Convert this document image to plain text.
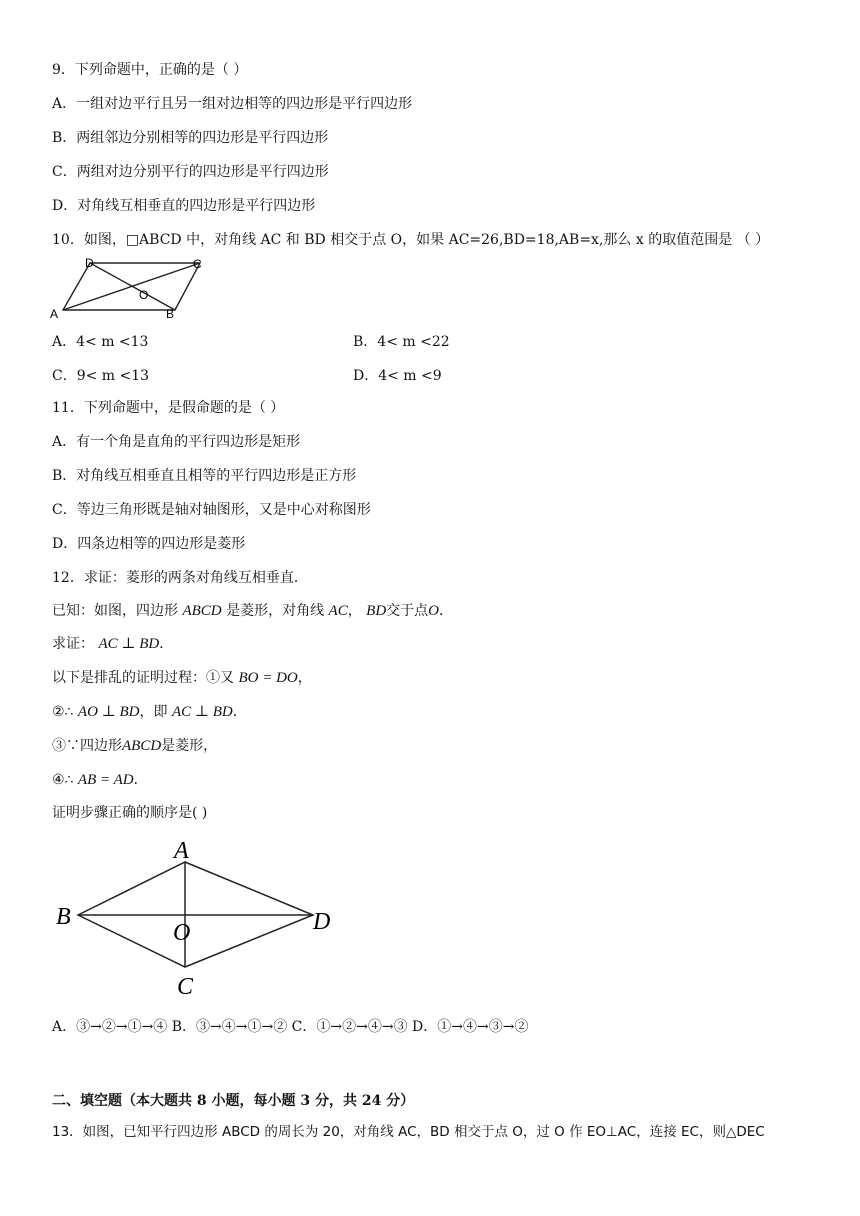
9．下列命题中，正确的是（ ）
A．一组对边平行且另一组对边相等的四边形是平行四边形
B．两组邻边分别相等的四边形是平行四边形
C．两组对边分别平行的四边形是平行四边形
D．对角线互相垂直的四边形是平行四边形
10．如图，□ABCD 中，对角线 AC 和 BD 相交于点 O，如果 AC=26,BD=18,AB=x,那么 x 的取值范围是 （ ）
A	B
C
D
O
A．4< m <13	B．4< m <22
C．9< m <13	D．4< m <9
11．下列命题中，是假命题的是（ ）
A．有一个角是直角的平行四边形是矩形
B．对角线互相垂直且相等的平行四边形是正方形
C．等边三角形既是轴对轴图形，又是中心对称图形
D．四条边相等的四边形是菱形
12．求证：菱形的两条对角线互相垂直．
已知：如图，四边形 ABCD 是菱形，对角线 AC， BD交于点O．
求证： AC ⊥ BD．
以下是排乱的证明过程：①又 BO = DO，
②∴ AO ⊥ BD，即 AC ⊥ BD．
③∵四边形ABCD是菱形，
④∴ AB = AD．
证明步骤正确的顺序是( )
A
B
C
D
O
A．③→②→①→④ B．③→④→①→② C．①→②→④→③ D．①→④→③→②
二、填空题（本大题共 8 小题，每小题 3 分，共 24 分）
13．如图，已知平行四边形 ABCD 的周长为 20，对角线 AC，BD 相交于点 O，过 O 作 EO⊥AC，连接 EC，则△DEC
